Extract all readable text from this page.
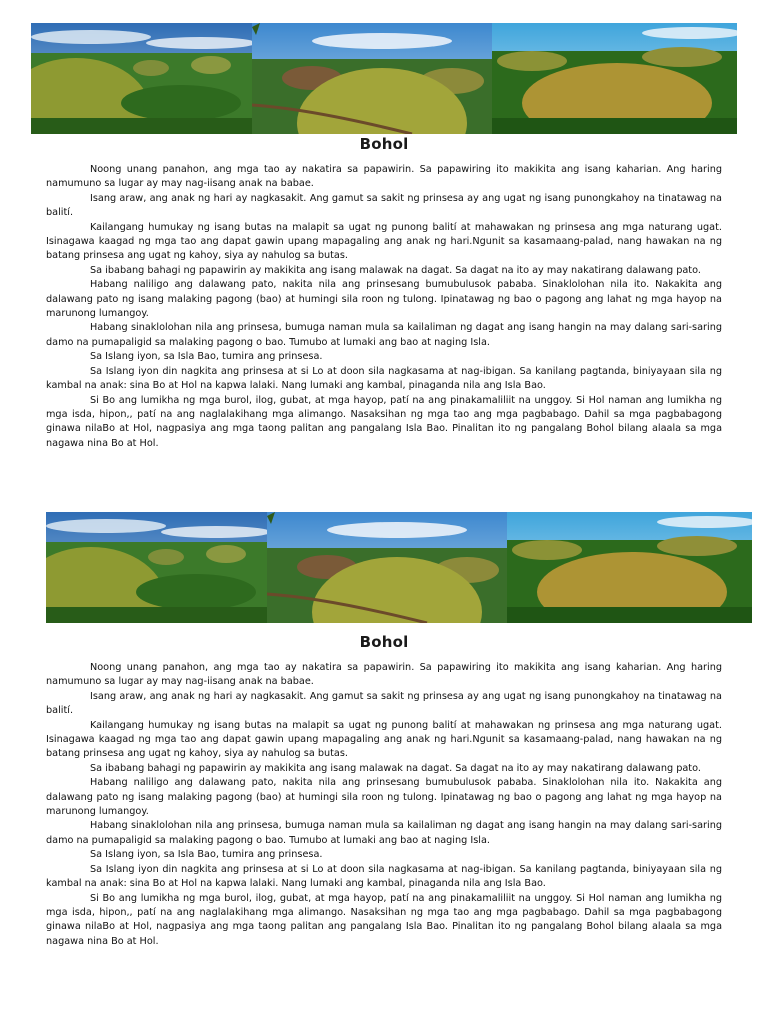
Bohol

Noong unang panahon, ang mga tao ay nakatira sa papawirin. Sa papawiring ito makikita ang isang kaharian. Ang haring namumuno sa lugar ay may nag-iisang anak na babae.

Isang araw, ang anak ng hari ay nagkasakit. Ang gamut sa sakit ng prinsesa ay ang ugat ng isang punongkahoy na tinatawag na balití.

Kailangang humukay ng isang butas na malapit sa ugat ng punong balití at mahawakan ng prinsesa ang mga naturang ugat. Isinagawa kaagad ng mga tao ang dapat gawin upang mapagaling ang anak ng hari.Ngunit sa kasamaang-palad, nang hawakan na ng batang prinsesa ang ugat ng kahoy, siya ay nahulog sa butas.

Sa ibabang bahagi ng papawirin ay makikita ang isang malawak na dagat. Sa dagat na ito ay may nakatirang dalawang pato.

Habang naliligo ang dalawang pato, nakita nila ang prinsesang bumubulusok pababa. Sinaklolohan nila ito. Nakakita ang dalawang pato ng isang malaking pagong (bao) at humingi sila roon ng tulong. Ipinatawag ng bao o pagong ang lahat ng mga hayop na marunong lumangoy.

Habang sinaklolohan nila ang prinsesa, bumuga naman mula sa kailaliman ng dagat ang isang hangin na may dalang sari-saring damo na pumapaligid sa malaking pagong o bao. Tumubo at lumaki ang bao at naging Isla.

Sa Islang iyon, sa Isla Bao, tumira ang prinsesa.

Sa Islang iyon din nagkita ang prinsesa at si Lo at doon sila nagkasama at nag-ibigan. Sa kanilang pagtanda, biniyayaan sila ng kambal na anak: sina Bo at Hol na kapwa lalaki. Nang lumaki ang kambal, pinaganda nila ang Isla Bao.

Si Bo ang lumikha ng mga burol, ilog, gubat, at mga hayop, patí na ang pinakamaliliit na unggoy. Si Hol naman ang lumikha ng mga isda, hipon,, patí na ang naglalakihang mga alimango. Nasaksihan ng mga tao ang mga pagbabago. Dahil sa mga pagbabagong ginawa nilaBo at Hol, nagpasiya ang mga taong palitan ang pangalang Isla Bao. Pinalitan ito ng pangalang Bohol bilang alaala sa mga nagawa nina Bo at Hol.

Bohol

Noong unang panahon, ang mga tao ay nakatira sa papawirin. Sa papawiring ito makikita ang isang kaharian. Ang haring namumuno sa lugar ay may nag-iisang anak na babae.

Isang araw, ang anak ng hari ay nagkasakit. Ang gamut sa sakit ng prinsesa ay ang ugat ng isang punongkahoy na tinatawag na balití.

Kailangang humukay ng isang butas na malapit sa ugat ng punong balití at mahawakan ng prinsesa ang mga naturang ugat. Isinagawa kaagad ng mga tao ang dapat gawin upang mapagaling ang anak ng hari.Ngunit sa kasamaang-palad, nang hawakan na ng batang prinsesa ang ugat ng kahoy, siya ay nahulog sa butas.

Sa ibabang bahagi ng papawirin ay makikita ang isang malawak na dagat. Sa dagat na ito ay may nakatirang dalawang pato.

Habang naliligo ang dalawang pato, nakita nila ang prinsesang bumubulusok pababa. Sinaklolohan nila ito. Nakakita ang dalawang pato ng isang malaking pagong (bao) at humingi sila roon ng tulong. Ipinatawag ng bao o pagong ang lahat ng mga hayop na marunong lumangoy.

Habang sinaklolohan nila ang prinsesa, bumuga naman mula sa kailaliman ng dagat ang isang hangin na may dalang sari-saring damo na pumapaligid sa malaking pagong o bao. Tumubo at lumaki ang bao at naging Isla.

Sa Islang iyon, sa Isla Bao, tumira ang prinsesa.

Sa Islang iyon din nagkita ang prinsesa at si Lo at doon sila nagkasama at nag-ibigan. Sa kanilang pagtanda, biniyayaan sila ng kambal na anak: sina Bo at Hol na kapwa lalaki. Nang lumaki ang kambal, pinaganda nila ang Isla Bao.

Si Bo ang lumikha ng mga burol, ilog, gubat, at mga hayop, patí na ang pinakamaliliit na unggoy. Si Hol naman ang lumikha ng mga isda, hipon,, patí na ang naglalakihang mga alimango. Nasaksihan ng mga tao ang mga pagbabago. Dahil sa mga pagbabagong ginawa nilaBo at Hol, nagpasiya ang mga taong palitan ang pangalang Isla Bao. Pinalitan ito ng pangalang Bohol bilang alaala sa mga nagawa nina Bo at Hol.
